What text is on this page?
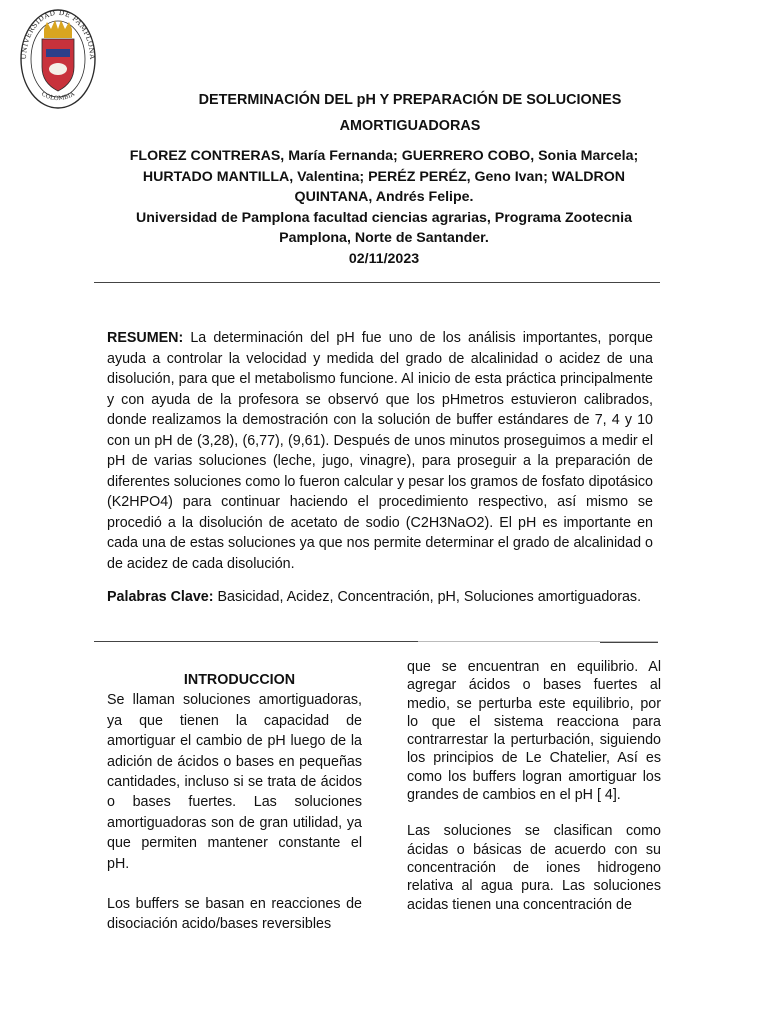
UNIVERSIDAD DE PAMPLONA
COLOMBIA	DETERMINACIÓN DEL pH Y PREPARACIÓN DE SOLUCIONES
AMORTIGUADORAS
FLOREZ CONTRERAS, María Fernanda; GUERRERO COBO, Sonia Marcela;
HURTADO MANTILLA, Valentina; PERÉZ PERÉZ, Geno Ivan; WALDRON
QUINTANA, Andrés Felipe.
Universidad de Pamplona facultad ciencias agrarias, Programa Zootecnia
Pamplona, Norte de Santander.
02/11/2023
RESUMEN: La determinación del pH fue uno de los análisis importantes, porque ayuda a controlar la velocidad y medida del grado de alcalinidad o acidez de una disolución, para que el metabolismo funcione. Al inicio de esta práctica principalmente y con ayuda de la profesora se observó que los pHmetros estuvieron calibrados, donde realizamos la demostración con la solución de buffer estándares de 7, 4 y 10 con un pH de (3,28), (6,77), (9,61). Después de unos minutos proseguimos a medir el pH de varias soluciones (leche, jugo, vinagre), para proseguir a la preparación de diferentes soluciones como lo fueron calcular y pesar los gramos de fosfato dipotásico (K2HPO4) para continuar haciendo el procedimiento respectivo, así mismo se procedió a la disolución de acetato de sodio (C2H3NaO2). El pH es importante en cada una de estas soluciones ya que nos permite determinar el grado de alcalinidad o de acidez de cada disolución.
Palabras Clave: Basicidad, Acidez, Concentración, pH, Soluciones amortiguadoras.

INTRODUCCION

Se llaman soluciones amortiguadoras, ya que tienen la capacidad de amortiguar el cambio de pH luego de la adición de ácidos o bases en pequeñas cantidades, incluso si se trata de ácidos o bases fuertes. Las soluciones amortiguadoras son de gran utilidad, ya que permiten mantener constante el pH.

Los buffers se basan en reacciones de disociación acido/bases reversibles

que se encuentran en equilibrio. Al agregar ácidos o bases fuertes al medio, se perturba este equilibrio, por lo que el sistema reacciona para contrarrestar la perturbación, siguiendo los principios de Le Chatelier, Así es como los buffers logran amortiguar los grandes de cambios en el pH [ 4].

Las soluciones se clasifican como ácidas o básicas de acuerdo con su concentración de iones hidrogeno relativa al agua pura. Las soluciones acidas tienen una concentración de
